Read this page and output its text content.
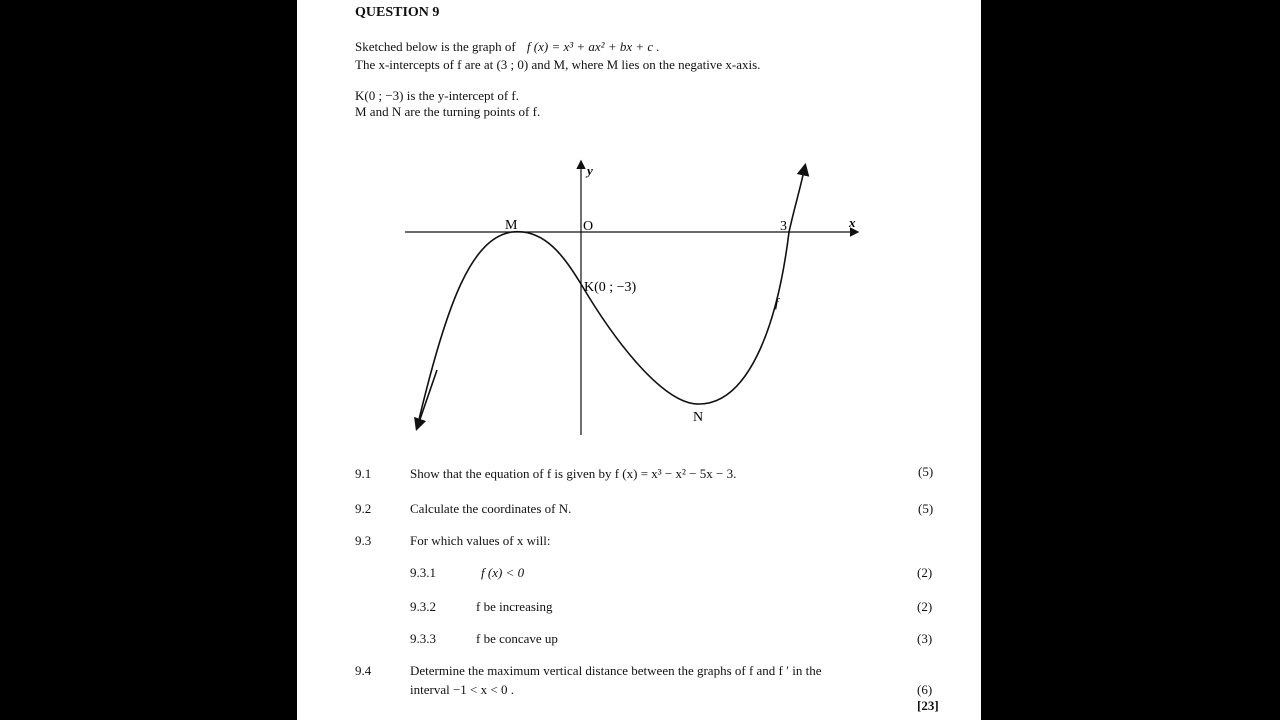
QUESTION 9
Sketched below is the graph of f (x) = x³ + ax² + bx + c .
The x-intercepts of f are at (3 ; 0) and M, where M lies on the negative x-axis.
K(0 ; −3) is the y-intercept of f.
M and N are the turning points of f.
y
x
O
M
N
3
K(0 ; −3)
f
9.1	Show that the equation of f is given by f (x) = x³ − x² − 5x − 3.	(5)
9.2	Calculate the coordinates of N.	(5)
9.3	For which values of x will:
9.3.1	f (x) < 0	(2)
9.3.2	f be increasing	(2)
9.3.3	f be concave up	(3)
9.4	Determine the maximum vertical distance between the graphs of f and f ′ in the
interval −1 < x < 0 .	(6)
[23]
